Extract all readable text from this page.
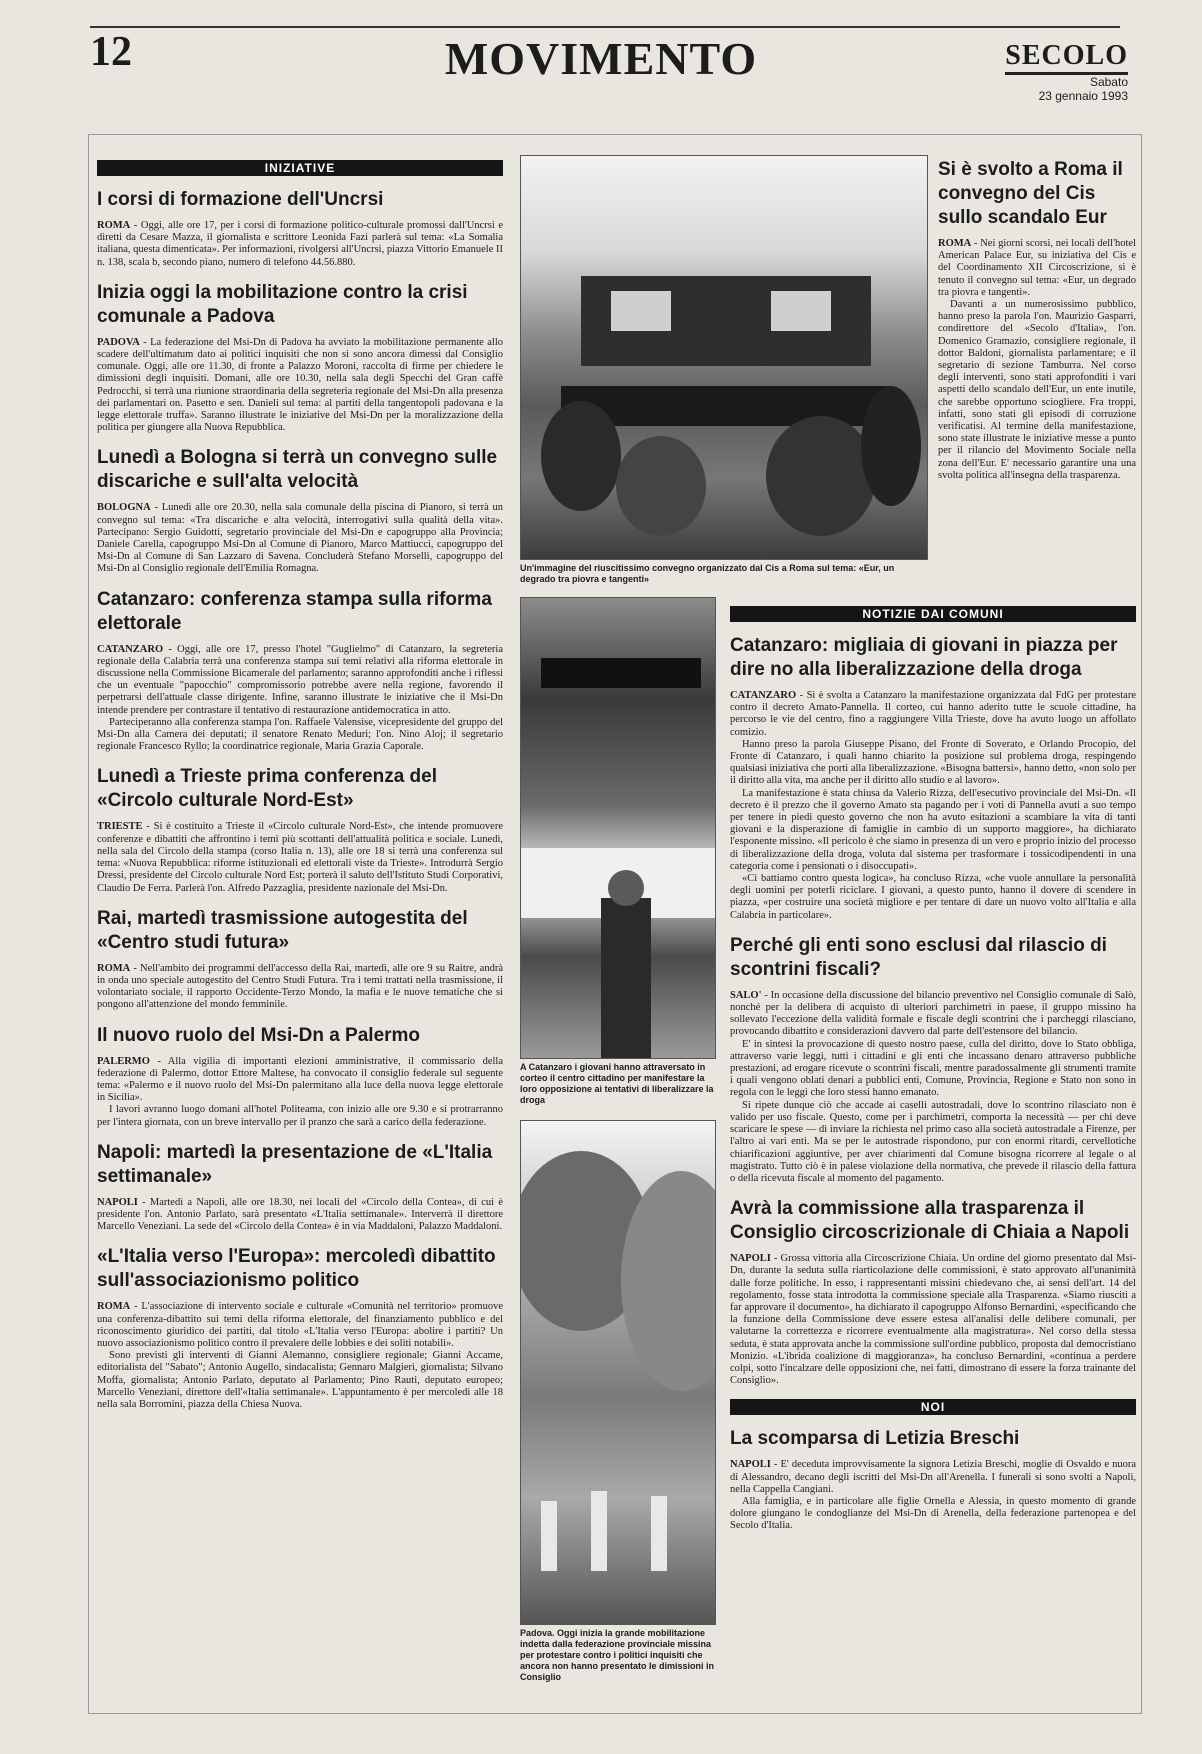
12	MOVIMENTO	SECOLO
Sabato
23 gennaio 1993
INIZIATIVE
I corsi di formazione dell'Uncrsi

ROMA - Oggi, alle ore 17, per i corsi di formazione politico-culturale promossi dall'Uncrsi e diretti da Cesare Mazza, il giornalista e scrittore Leonida Fazi parlerà sul tema: «La Somalia italiana, questa dimenticata». Per informazioni, rivolgersi all'Uncrsi, piazza Vittorio Emanuele II n. 138, scala b, secondo piano, numero di telefono 44.56.880.

Inizia oggi la mobilitazione contro la crisi comunale a Padova

PADOVA - La federazione del Msi-Dn di Padova ha avviato la mobilitazione permanente allo scadere dell'ultimatum dato ai politici inquisiti che non si sono ancora dimessi dal Consiglio comunale. Oggi, alle ore 11.30, di fronte a Palazzo Moroni, raccolta di firme per chiedere le dimissioni degli inquisiti. Domani, alle ore 10.30, nella sala degli Specchi del Gran caffè Pedrocchi, si terrà una riunione straordinaria della segreteria regionale del Msi-Dn alla presenza dei parlamentari on. Pasetto e sen. Danieli sul tema: al partiti della tangentopoli padovana e la legge elettorale truffa». Saranno illustrate le iniziative del Msi-Dn per la moralizzazione della politica per giungere alla Nuova Repubblica.

Lunedì a Bologna si terrà un convegno sulle discariche e sull'alta velocità

BOLOGNA - Lunedì alle ore 20.30, nella sala comunale della piscina di Pianoro, si terrà un convegno sul tema: «Tra discariche e alta velocità, interrogativi sulla qualità della vita». Partecipano: Sergio Guidotti, segretario provinciale del Msi-Dn e capogruppo alla Provincia; Daniele Carella, capogruppo Msi-Dn al Comune di Pianoro, Marco Mattiucci, capogruppo del Msi-Dn al Comune di San Lazzaro di Savena. Concluderà Stefano Morselli, capogruppo del Msi-Dn al Consiglio regionale dell'Emilia Romagna.

Catanzaro: conferenza stampa sulla riforma elettorale

CATANZARO - Oggi, alle ore 17, presso l'hotel "Guglielmo" di Catanzaro, la segreteria regionale della Calabria terrà una conferenza stampa sui temi relativi alla riforma elettorale in discussione nella Commissione Bicamerale del parlamento; saranno approfonditi anche i riflessi che un eventuale "papocchio" compromissorio potrebbe avere nella regione, favorendo il perpetrarsi dell'attuale classe dirigente. Infine, saranno illustrate le iniziative che il Msi-Dn intende prendere per contrastare il tentativo di restaurazione antidemocratica in atto.

Parteciperanno alla conferenza stampa l'on. Raffaele Valensise, vicepresidente del gruppo del Msi-Dn alla Camera dei deputati; il senatore Renato Meduri; l'on. Nino Aloj; il segretario regionale Francesco Ryllo; la coordinatrice regionale, Maria Grazia Caporale.

Lunedì a Trieste prima conferenza del «Circolo culturale Nord-Est»

TRIESTE - Si è costituito a Trieste il «Circolo culturale Nord-Est», che intende promuovere conferenze e dibattiti che affrontino i temi più scottanti dell'attualità politica e sociale. Lunedì, nella sala del Circolo della stampa (corso Italia n. 13), alle ore 18 si terrà una conferenza sul tema: «Nuova Repubblica: riforme istituzionali ed elettorali viste da Trieste». Introdurrà Sergio Dressi, presidente del Circolo culturale Nord Est; porterà il saluto dell'Istituto Studi Corporativi, Claudio De Ferra. Parlerà l'on. Alfredo Pazzaglia, presidente nazionale del Msi-Dn.

Rai, martedì trasmissione autogestita del «Centro studi futura»

ROMA - Nell'ambito dei programmi dell'accesso della Rai, martedì, alle ore 9 su Raitre, andrà in onda uno speciale autogestito del Centro Studi Futura. Tra i temi trattati nella trasmissione, il volontariato sociale, il rapporto Occidente-Terzo Mondo, la mafia e le nuove tematiche che si pongono all'attenzione del mondo femminile.

Il nuovo ruolo del Msi-Dn a Palermo

PALERMO - Alla vigilia di importanti elezioni amministrative, il commissario della federazione di Palermo, dottor Ettore Maltese, ha convocato il consiglio federale sul seguente tema: «Palermo e il nuovo ruolo del Msi-Dn palermitano alla luce della nuova legge elettorale in Sicilia».

I lavori avranno luogo domani all'hotel Politeama, con inizio alle ore 9.30 e si protrarranno per l'intera giornata, con un breve intervallo per il pranzo che sarà a carico della federazione.

Napoli: martedì la presentazione de «L'Italia settimanale»

NAPOLI - Martedì a Napoli, alle ore 18.30, nei locali del «Circolo della Contea», di cui è presidente l'on. Antonio Parlato, sarà presentato «L'Italia settimanale». Interverrà il direttore Marcello Veneziani. La sede del «Circolo della Contea» è in via Maddaloni, Palazzo Maddaloni.

«L'Italia verso l'Europa»: mercoledì dibattito sull'associazionismo politico

ROMA - L'associazione di intervento sociale e culturale «Comunità nel territorio» promuove una conferenza-dibattito sui temi della riforma elettorale, del finanziamento pubblico e del riconoscimento giuridico dei partiti, dal titolo «L'Italia verso l'Europa: abolire i partiti? Un nuovo associazionismo politico contro il prevalere delle lobbies e dei soliti notabili».

Sono previsti gli interventi di Gianni Alemanno, consigliere regionale; Gianni Accame, editorialista del "Sabato"; Antonio Augello, sindacalista; Gennaro Malgieri, giornalista; Silvano Moffa, giornalista; Antonio Parlato, deputato al Parlamento; Pino Rauti, deputato europeo; Marcello Veneziani, direttore dell'«Italia settimanale». L'appuntamento è per mercoledì alle 18 nella sala Borromini, piazza della Chiesa Nuova.

Un'immagine del riuscitissimo convegno organizzato dal Cis a Roma sul tema: «Eur, un degrado tra piovra e tangenti»
A Catanzaro i giovani hanno attraversato in corteo il centro cittadino per manifestare la loro opposizione ai tentativi di liberalizzare la droga
Padova. Oggi inizia la grande mobilitazione indetta dalla federazione provinciale missina per protestare contro i politici inquisiti che ancora non hanno presentato le dimissioni in Consiglio
Si è svolto a Roma il convegno del Cis sullo scandalo Eur

ROMA - Nei giorni scorsi, nei locali dell'hotel American Palace Eur, su iniziativa del Cis e del Coordinamento XII Circoscrizione, si è tenuto il convegno sul tema: «Eur, un degrado tra piovra e tangenti».

Davanti a un numerosissimo pubblico, hanno preso la parola l'on. Maurizio Gasparri, condirettore del «Secolo d'Italia», l'on. Domenico Gramazio, consigliere regionale, il dottor Baldoni, giornalista parlamentare; e il segretario di sezione Tamburra. Nel corso degli interventi, sono stati approfonditi i vari aspetti dello scandalo dell'Eur, un ente inutile, che sarebbe opportuno sciogliere. Fra troppi, infatti, sono stati gli episodi di corruzione verificatisi. Al termine della manifestazione, sono state illustrate le iniziative messe a punto per il rilancio del Movimento Sociale nella zona dell'Eur. E' necessario garantire una una svolta politica all'insegna della trasparenza.

NOTIZIE DAI COMUNI
Catanzaro: migliaia di giovani in piazza per dire no alla liberalizzazione della droga

CATANZARO - Si è svolta a Catanzaro la manifestazione organizzata dal FdG per protestare contro il decreto Amato-Pannella. Il corteo, cui hanno aderito tutte le scuole cittadine, ha percorso le vie del centro, fino a raggiungere Villa Trieste, dove ha avuto luogo un affollato comizio.

Hanno preso la parola Giuseppe Pisano, del Fronte di Soverato, e Orlando Procopio, del Fronte di Catanzaro, i quali hanno chiarito la posizione sul problema droga, respingendo qualsiasi iniziativa che porti alla liberalizzazione. «Bisogna battersi», hanno detto, «non solo per il diritto alla vita, ma anche per il diritto allo studio e al lavoro».

La manifestazione è stata chiusa da Valerio Rizza, dell'esecutivo provinciale del Msi-Dn. «Il decreto è il prezzo che il governo Amato sta pagando per i voti di Pannella avuti a suo tempo per tenere in piedi questo governo che non ha avuto esitazioni a scambiare la vita di tanti giovani e la disperazione di famiglie in cambio di un supporto maggiore», ha dichiarato l'esponente missino. «Il pericolo è che siamo in presenza di un vero e proprio inizio del processo di liberalizzazione della droga, voluta dal sistema per trasformare i tossicodipendenti in una categoria come i pensionati o i disoccupati».

«Ci battiamo contro questa logica», ha concluso Rizza, «che vuole annullare la personalità degli uomini per poterli riciclare. I giovani, a questo punto, hanno il dovere di scendere in piazza, «per costruire una società migliore e per tentare di dare un nuovo volto all'Italia e alla Calabria in particolare».

Perché gli enti sono esclusi dal rilascio di scontrini fiscali?

SALO' - In occasione della discussione del bilancio preventivo nel Consiglio comunale di Salò, nonché per la delibera di acquisto di ulteriori parchimetri in paese, il gruppo missino ha sollevato l'eccezione della validità formale e fiscale degli scontrini che i parcheggi rilasciano, provocando dibattito e considerazioni davvero dal parte dell'estensore del bilancio.

E' in sintesi la provocazione di questo nostro paese, culla del diritto, dove lo Stato obbliga, attraverso varie leggi, tutti i cittadini e gli enti che incassano denaro attraverso pubbliche prestazioni, ad erogare ricevute o scontrini fiscali, mentre paradossalmente gli strumenti tramite i quali vengono oblati denari a pubblici enti, Comune, Provincia, Regione e Stato non sono in regola con le leggi che loro stessi hanno emanato.

Si ripete dunque ciò che accade ai caselli autostradali, dove lo scontrino rilasciato non è valido per uso fiscale. Questo, come per i parchimetri, comporta la necessità — per chi deve scaricare le spese — di inviare la richiesta nel primo caso alla società autostradale a Firenze, per l'altro ai vari enti. Ma se per le autostrade rispondono, pur con enormi ritardi, cervellotiche chiarificazioni aggiuntive, per aver chiarimenti dal Comune bisogna ricorrere al legale o al magistrato. Tutto ciò è in palese violazione della normativa, che prevede il rilascio della fattura o della ricevuta fiscale al momento del pagamento.

Avrà la commissione alla trasparenza il Consiglio circoscrizionale di Chiaia a Napoli

NAPOLI - Grossa vittoria alla Circoscrizione Chiaia. Un ordine del giorno presentato dal Msi-Dn, durante la seduta sulla riarticolazione delle commissioni, è stato approvato all'unanimità dalle forze politiche. In esso, i rappresentanti missini chiedevano che, ai sensi dell'art. 14 del regolamento, fosse stata introdotta la commissione speciale alla Trasparenza. «Siamo riusciti a far approvare il documento», ha dichiarato il capogruppo Alfonso Bernardini, «specificando che la funzione della Commissione deve essere estesa all'analisi delle delibere comunali, per valutarne la correttezza e ricorrere eventualmente alla magistratura». Nel corso della stessa seduta, è stata approvata anche la commissione sull'ordine pubblico, proposta dal democristiano Monizio. «L'ibrida coalizione di maggioranza», ha concluso Bernardini, «continua a perdere colpi, sotto l'incalzare delle opposizioni che, nei fatti, dimostrano di essere la forza trainante del Consiglio».

NOI
La scomparsa di Letizia Breschi

NAPOLI - E' deceduta improvvisamente la signora Letizia Breschi, moglie di Osvaldo e nuora di Alessandro, decano degli iscritti del Msi-Dn all'Arenella. I funerali si sono svolti a Napoli, nella Cappella Cangiani.

Alla famiglia, e in particolare alle figlie Ornella e Alessia, in questo momento di grande dolore giungano le condoglianze del Msi-Dn di Arenella, della federazione partenopea e del Secolo d'Italia.
